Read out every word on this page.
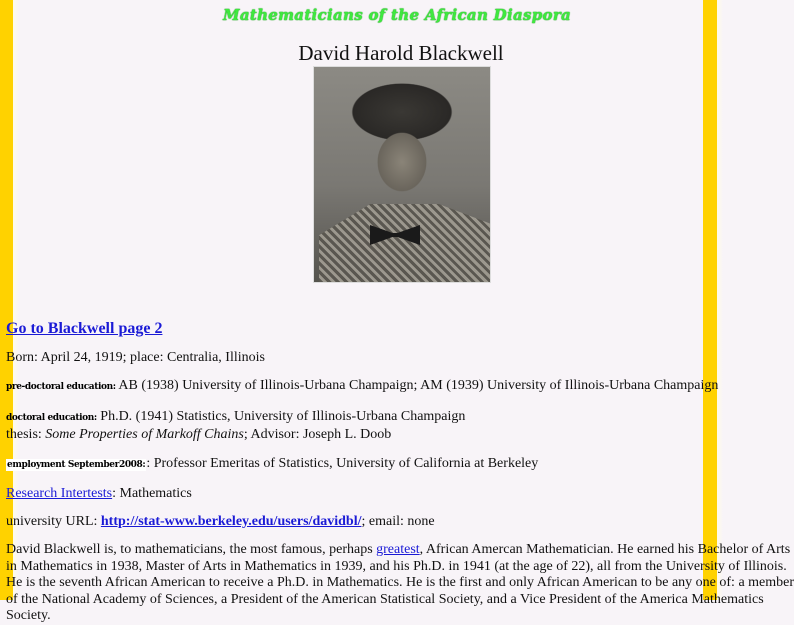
Mathematicians of the African Diaspora
David Harold Blackwell
Go to Blackwell page 2
Born: April 24, 1919; place: Centralia, Illinois
pre-doctoral education: AB (1938) University of Illinois-Urbana Champaign; AM (1939) University of Illinois-Urbana Champaign
doctoral education: Ph.D. (1941) Statistics, University of Illinois-Urbana Champaign
thesis: Some Properties of Markoff Chains; Advisor: Joseph L. Doob
employment September2008:: Professor Emeritas of Statistics, University of California at Berkeley
Research Intertests: Mathematics
university URL: http://stat-www.berkeley.edu/users/davidbl/; email: none
David Blackwell is, to mathematicians, the most famous, perhaps greatest, African Amercan Mathematician. He earned his Bachelor of Arts in Mathematics in 1938, Master of Arts in Mathematics in 1939, and his Ph.D. in 1941 (at the age of 22), all from the University of Illinois. He is the seventh African American to receive a Ph.D. in Mathematics. He is the first and only African American to be any one of: a member of the National Academy of Sciences, a President of the American Statistical Society, and a Vice President of the America Mathematics Society.
